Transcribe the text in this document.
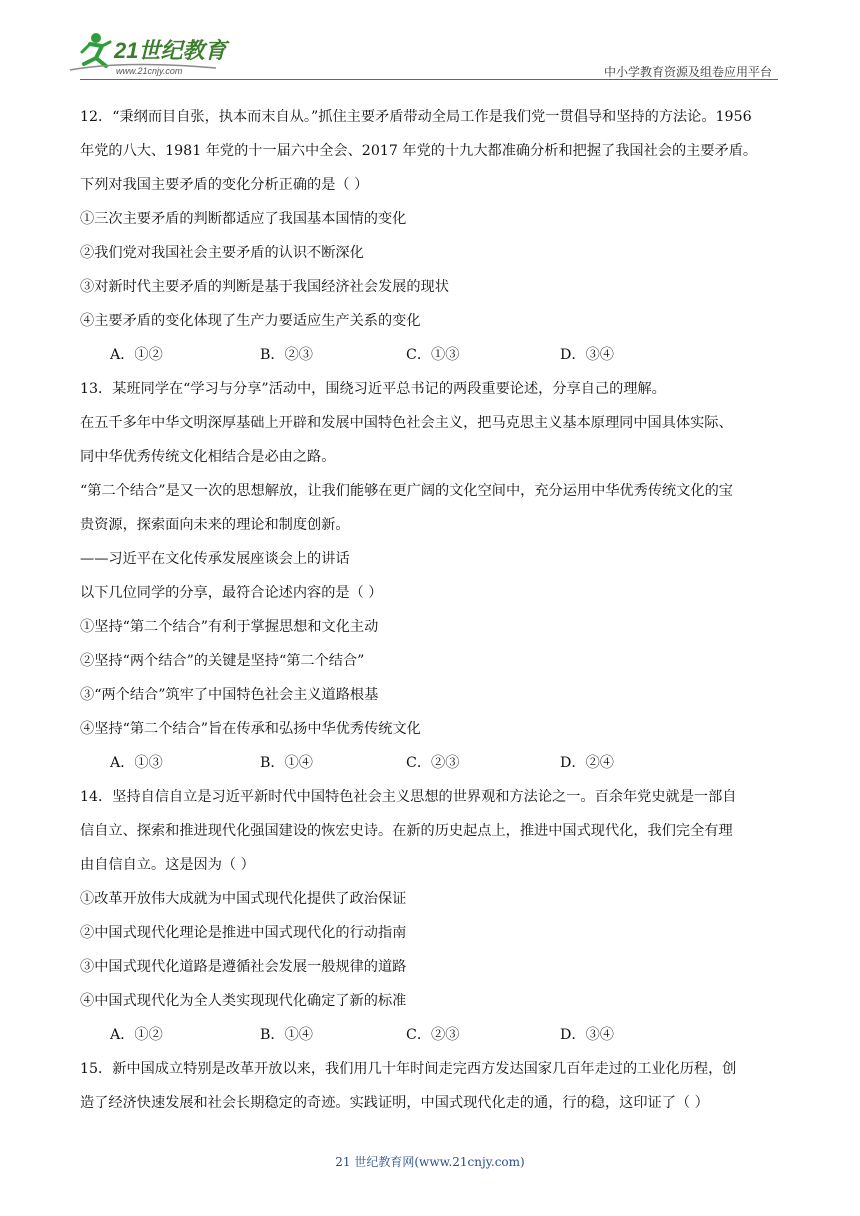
21世纪教育
www.21cnjy.com	中小学教育资源及组卷应用平台

12．“秉纲而目自张，执本而末自从。”抓住主要矛盾带动全局工作是我们党一贯倡导和坚持的方法论。1956

年党的八大、1981 年党的十一届六中全会、2017 年党的十九大都准确分析和把握了我国社会的主要矛盾。

下列对我国主要矛盾的变化分析正确的是（ ）

①三次主要矛盾的判断都适应了我国基本国情的变化

②我们党对我国社会主要矛盾的认识不断深化

③对新时代主要矛盾的判断是基于我国经济社会发展的现状

④主要矛盾的变化体现了生产力要适应生产关系的变化

A．①②	B．②③	C．①③	D．③④

13．某班同学在“学习与分享”活动中，围绕习近平总书记的两段重要论述，分享自己的理解。

在五千多年中华文明深厚基础上开辟和发展中国特色社会主义，把马克思主义基本原理同中国具体实际、

同中华优秀传统文化相结合是必由之路。

“第二个结合”是又一次的思想解放，让我们能够在更广阔的文化空间中，充分运用中华优秀传统文化的宝

贵资源，探索面向未来的理论和制度创新。

——习近平在文化传承发展座谈会上的讲话

以下几位同学的分享，最符合论述内容的是（ ）

①坚持“第二个结合”有利于掌握思想和文化主动

②坚持“两个结合”的关键是坚持“第二个结合”

③“两个结合”筑牢了中国特色社会主义道路根基

④坚持“第二个结合”旨在传承和弘扬中华优秀传统文化

A．①③	B．①④	C．②③	D．②④

14．坚持自信自立是习近平新时代中国特色社会主义思想的世界观和方法论之一。百余年党史就是一部自

信自立、探索和推进现代化强国建设的恢宏史诗。在新的历史起点上，推进中国式现代化，我们完全有理

由自信自立。这是因为（ ）

①改革开放伟大成就为中国式现代化提供了政治保证

②中国式现代化理论是推进中国式现代化的行动指南

③中国式现代化道路是遵循社会发展一般规律的道路

④中国式现代化为全人类实现现代化确定了新的标准

A．①②	B．①④	C．②③	D．③④

15．新中国成立特别是改革开放以来，我们用几十年时间走完西方发达国家几百年走过的工业化历程，创

造了经济快速发展和社会长期稳定的奇迹。实践证明，中国式现代化走的通，行的稳，这印证了（ ）

21 世纪教育网(www.21cnjy.com)
